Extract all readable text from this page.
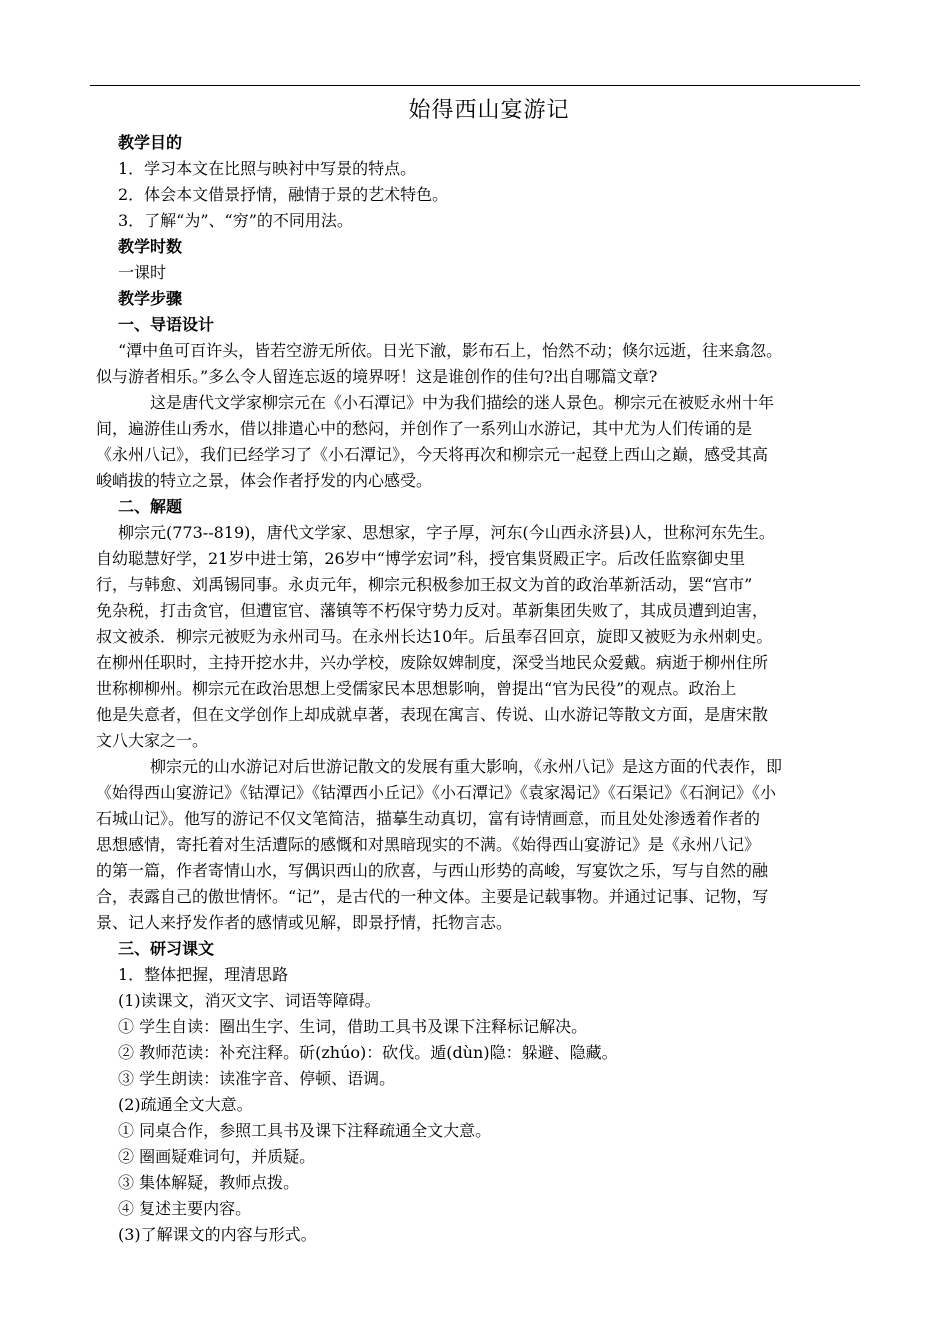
始得西山宴游记
教学目的
1．学习本文在比照与映衬中写景的特点。
2．体会本文借景抒情，融情于景的艺术特色。
3．了解“为”、“穷”的不同用法。
教学时数
一课时
教学步骤
一、导语设计
“潭中鱼可百许头，皆若空游无所依。日光下澈，影布石上，怡然不动；倏尔远逝，往来翕忽。
似与游者相乐。”多么令人留连忘返的境界呀！这是谁创作的佳句?出自哪篇文章?
这是唐代文学家柳宗元在《小石潭记》中为我们描绘的迷人景色。柳宗元在被贬永州十年
间，遍游佳山秀水，借以排遣心中的愁闷，并创作了一系列山水游记，其中尤为人们传诵的是
《永州八记》，我们已经学习了《小石潭记》，今天将再次和柳宗元一起登上西山之巅，感受其高
峻峭拔的特立之景，体会作者抒发的内心感受。
二、解题
柳宗元(773--819)，唐代文学家、思想家，字子厚，河东(今山西永济县)人，世称河东先生。
自幼聪慧好学，21岁中进士第，26岁中“博学宏词”科，授官集贤殿正字。后改任监察御史里
行，与韩愈、刘禹锡同事。永贞元年，柳宗元积极参加王叔文为首的政治革新活动，罢“宫市”
免杂税，打击贪官，但遭宦官、藩镇等不朽保守势力反对。革新集团失败了，其成员遭到迫害，
叔文被杀．柳宗元被贬为永州司马。在永州长达10年。后虽奉召回京，旋即又被贬为永州刺史。
在柳州任职时，主持开挖水井，兴办学校，废除奴婢制度，深受当地民众爱戴。病逝于柳州住所
世称柳柳州。柳宗元在政治思想上受儒家民本思想影响，曾提出“官为民役”的观点。政治上
他是失意者，但在文学创作上却成就卓著，表现在寓言、传说、山水游记等散文方面，是唐宋散
文八大家之一。
柳宗元的山水游记对后世游记散文的发展有重大影响，《永州八记》是这方面的代表作，即
《始得西山宴游记》《钴潭记》《钴潭西小丘记》《小石潭记》《袁家渴记》《石渠记》《石涧记》《小
石城山记》。他写的游记不仅文笔简洁，描摹生动真切，富有诗情画意，而且处处渗透着作者的
思想感情，寄托着对生活遭际的感慨和对黑暗现实的不满。《始得西山宴游记》是《永州八记》
的第一篇，作者寄情山水，写偶识西山的欣喜，与西山形势的高峻，写宴饮之乐，写与自然的融
合，表露自己的傲世情怀。“记”，是古代的一种文体。主要是记载事物。并通过记事、记物，写
景、记人来抒发作者的感情或见解，即景抒情，托物言志。
三、研习课文
1．整体把握，理清思路
(1)读课文，消灭文字、词语等障碍。
① 学生自读：圈出生字、生词，借助工具书及课下注释标记解决。
② 教师范读：补充注释。斫(zhúo)：砍伐。遁(dùn)隐：躲避、隐藏。
③ 学生朗读：读准字音、停顿、语调。
(2)疏通全文大意。
① 同桌合作，参照工具书及课下注释疏通全文大意。
② 圈画疑难词句，并质疑。
③ 集体解疑，教师点拨。
④ 复述主要内容。
(3)了解课文的内容与形式。
